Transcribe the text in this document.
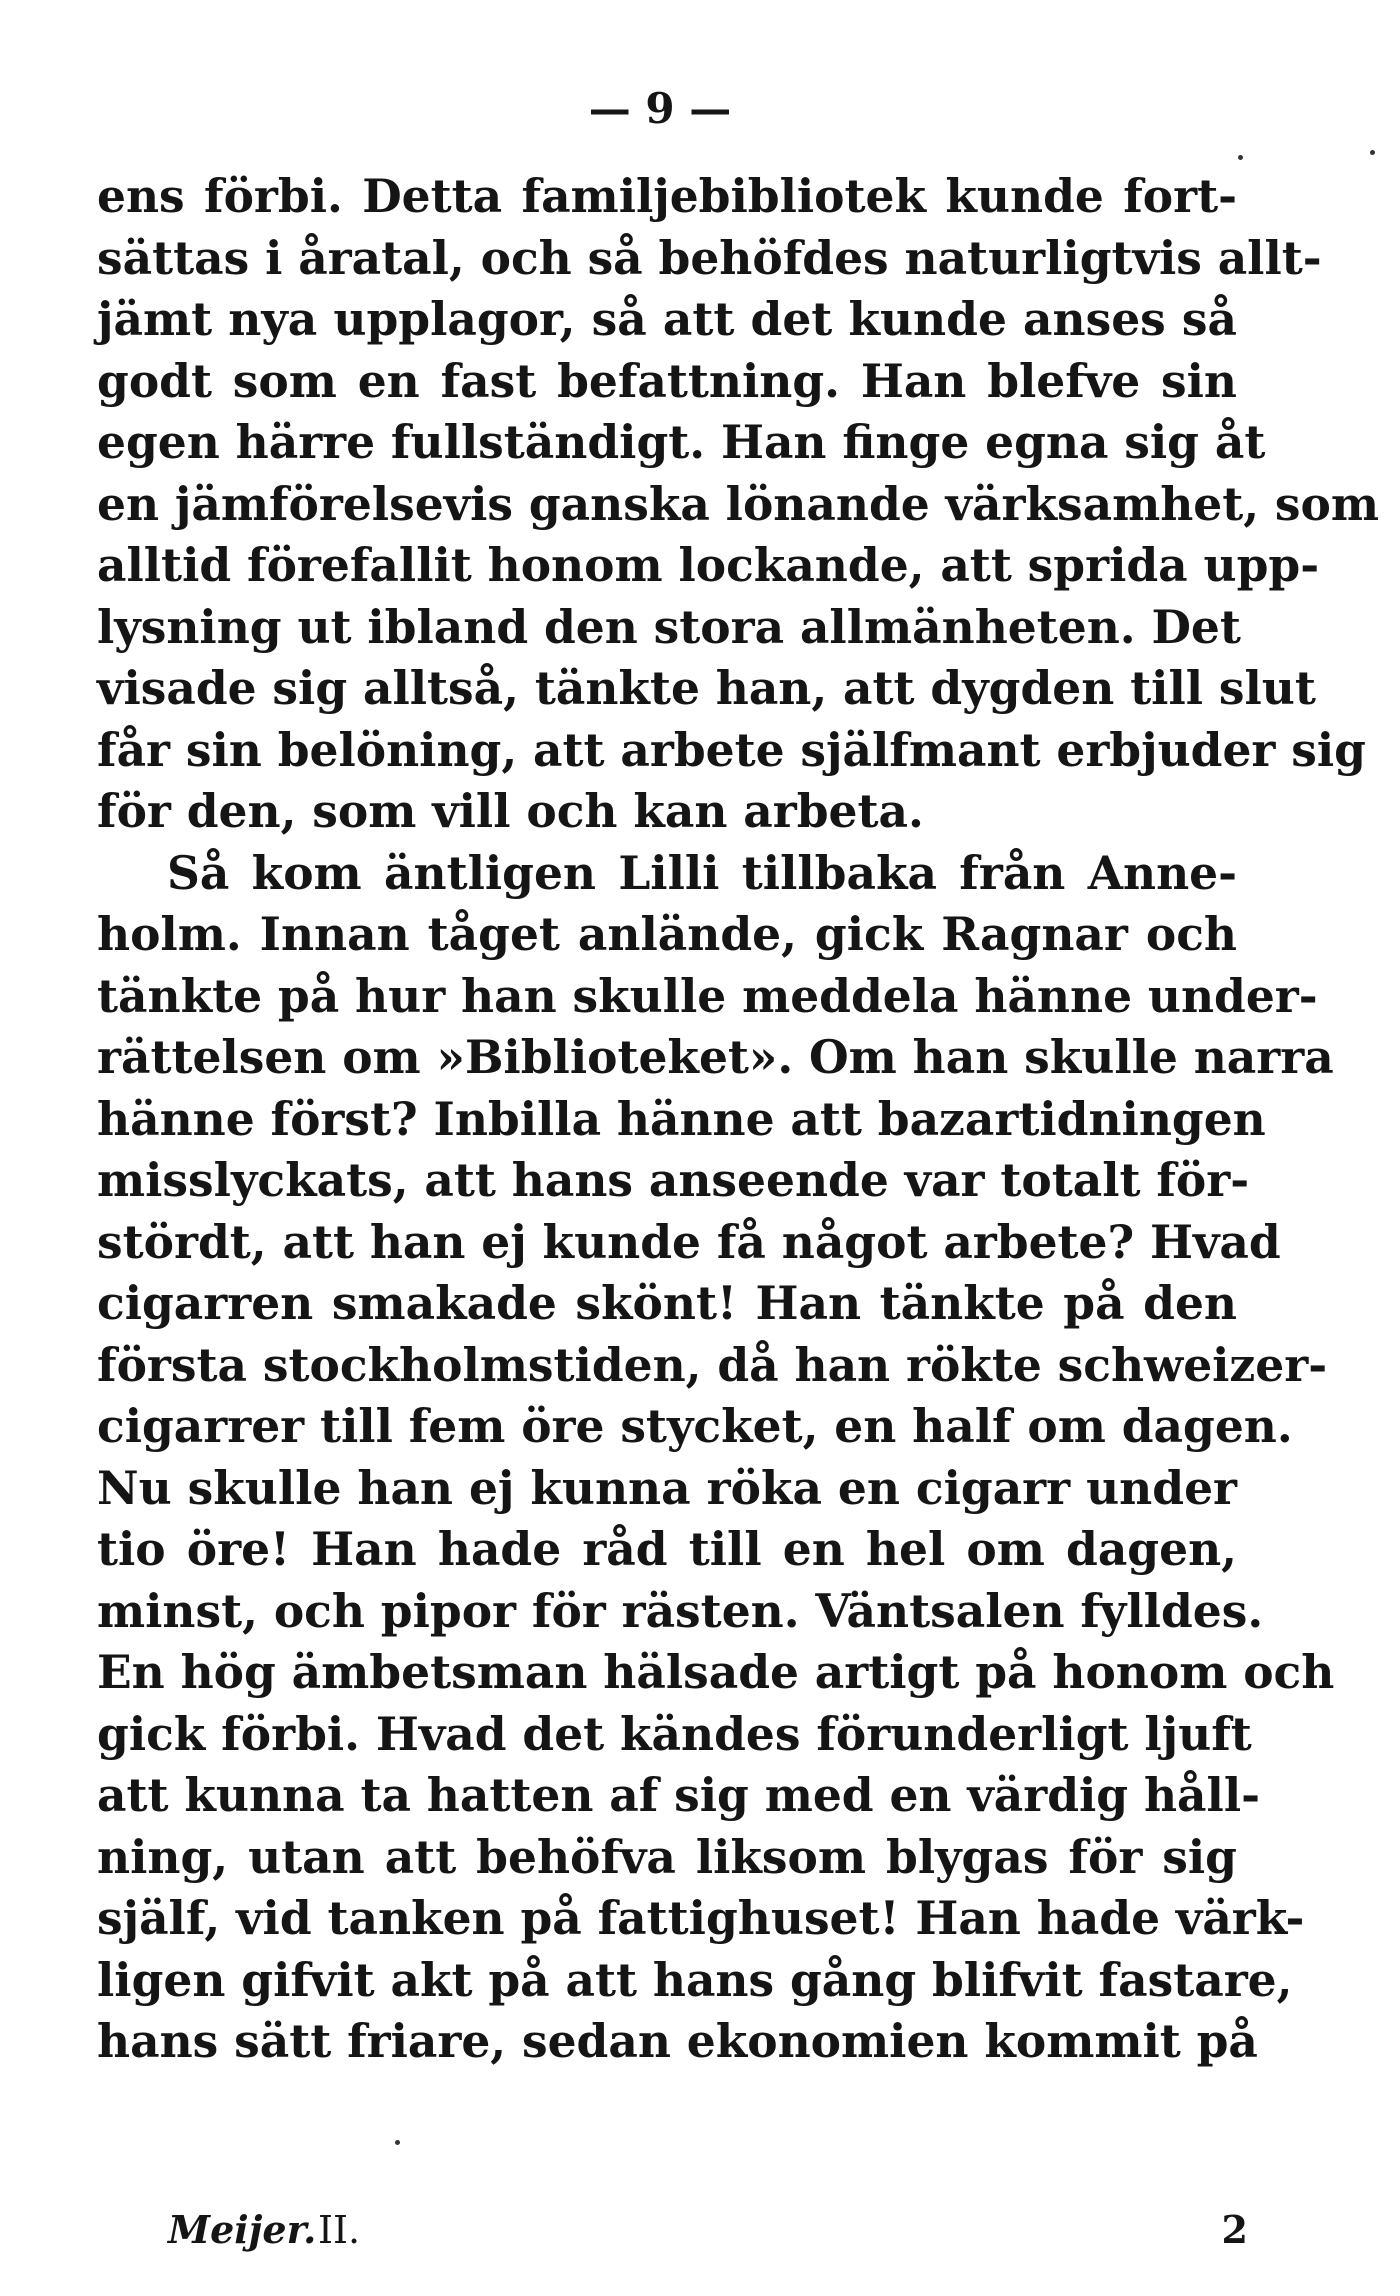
— 9 —
ens förbi. Detta familjebibliotek kunde fort-
sättas i åratal, och så behöfdes naturligtvis allt-
jämt nya upplagor, så att det kunde anses så
godt som en fast befattning. Han blefve sin
egen härre fullständigt. Han finge egna sig åt
en jämförelsevis ganska lönande värksamhet, som
alltid förefallit honom lockande, att sprida upp-
lysning ut ibland den stora allmänheten. Det
visade sig alltså, tänkte han, att dygden till slut
får sin belöning, att arbete själfmant erbjuder sig
för den, som vill och kan arbeta.
Så kom äntligen Lilli tillbaka från Anne-
holm. Innan tåget anlände, gick Ragnar och
tänkte på hur han skulle meddela hänne under-
rättelsen om »Biblioteket». Om han skulle narra
hänne först? Inbilla hänne att bazartidningen
misslyckats, att hans anseende var totalt för-
stördt, att han ej kunde få något arbete? Hvad
cigarren smakade skönt! Han tänkte på den
första stockholmstiden, då han rökte schweizer-
cigarrer till fem öre stycket, en half om dagen.
Nu skulle han ej kunna röka en cigarr under
tio öre! Han hade råd till en hel om dagen,
minst, och pipor för rästen. Väntsalen fylldes.
En hög ämbetsman hälsade artigt på honom och
gick förbi. Hvad det kändes förunderligt ljuft
att kunna ta hatten af sig med en värdig håll-
ning, utan att behöfva liksom blygas för sig
själf, vid tanken på fattighuset! Han hade värk-
ligen gifvit akt på att hans gång blifvit fastare,
hans sätt friare, sedan ekonomien kommit på
Meijer. II.	2
